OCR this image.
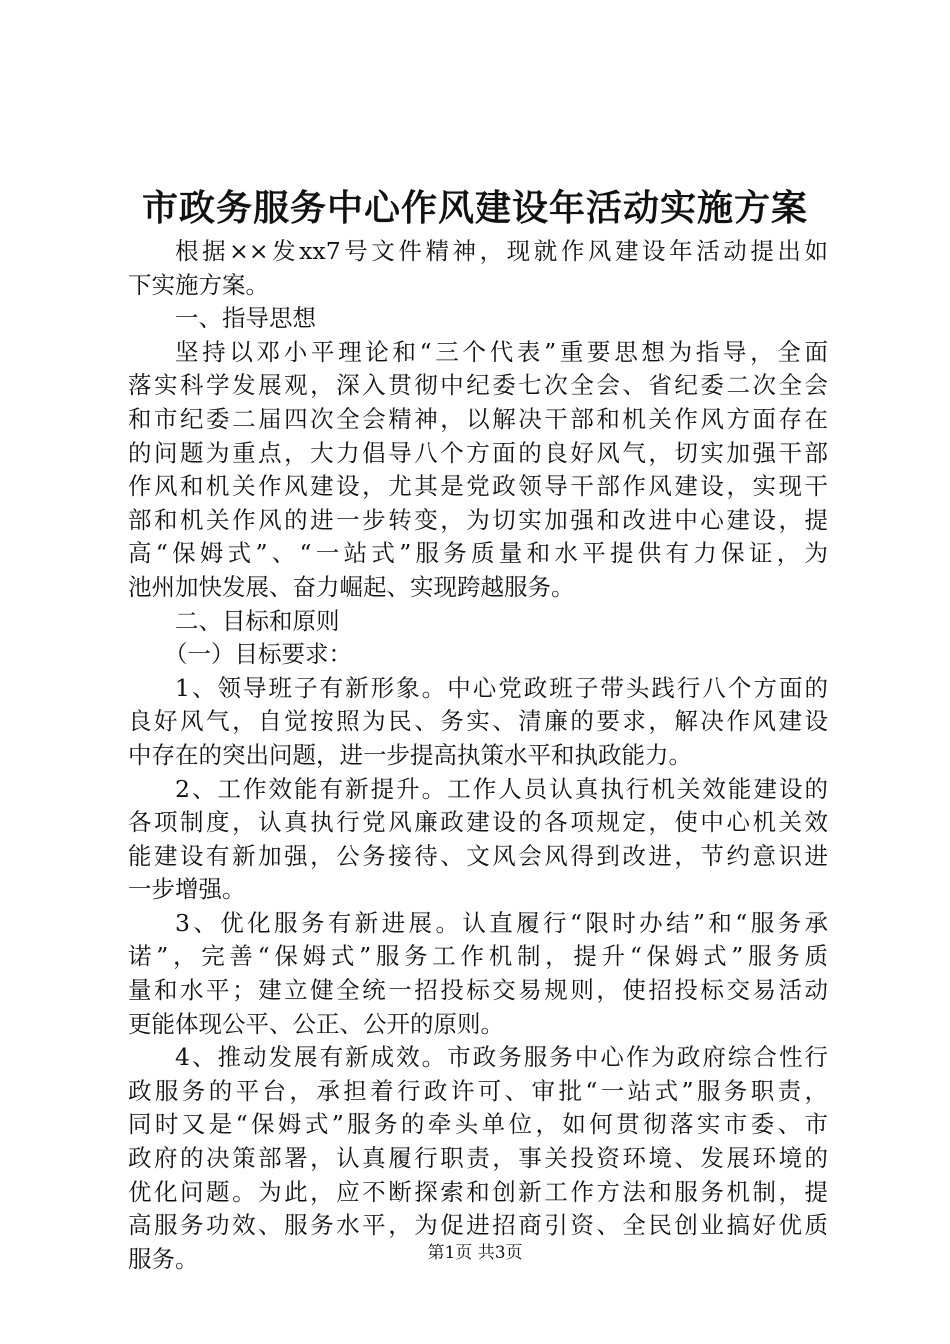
市政务服务中心作风建设年活动实施方案
根据××发xx7号文件精神，现就作风建设年活动提出如
下实施方案。
一、指导思想
坚持以邓小平理论和“三个代表”重要思想为指导，全面
落实科学发展观，深入贯彻中纪委七次全会、省纪委二次全会
和市纪委二届四次全会精神，以解决干部和机关作风方面存在
的问题为重点，大力倡导八个方面的良好风气，切实加强干部
作风和机关作风建设，尤其是党政领导干部作风建设，实现干
部和机关作风的进一步转变，为切实加强和改进中心建设，提
高“保姆式”、“一站式”服务质量和水平提供有力保证，为
池州加快发展、奋力崛起、实现跨越服务。
二、目标和原则
（一）目标要求：
1、领导班子有新形象。中心党政班子带头践行八个方面的
良好风气，自觉按照为民、务实、清廉的要求，解决作风建设
中存在的突出问题，进一步提高执策水平和执政能力。
2、工作效能有新提升。工作人员认真执行机关效能建设的
各项制度，认真执行党风廉政建设的各项规定，使中心机关效
能建设有新加强，公务接待、文风会风得到改进，节约意识进
一步增强。
3、优化服务有新进展。认直履行“限时办结”和“服务承
诺”，完善“保姆式”服务工作机制，提升“保姆式”服务质
量和水平；建立健全统一招投标交易规则，使招投标交易活动
更能体现公平、公正、公开的原则。
4、推动发展有新成效。市政务服务中心作为政府综合性行
政服务的平台，承担着行政许可、审批“一站式”服务职责，
同时又是“保姆式”服务的牵头单位，如何贯彻落实市委、市
政府的决策部署，认真履行职责，事关投资环境、发展环境的
优化问题。为此，应不断探索和创新工作方法和服务机制，提
高服务功效、服务水平，为促进招商引资、全民创业搞好优质
服务。	第1页 共3页
